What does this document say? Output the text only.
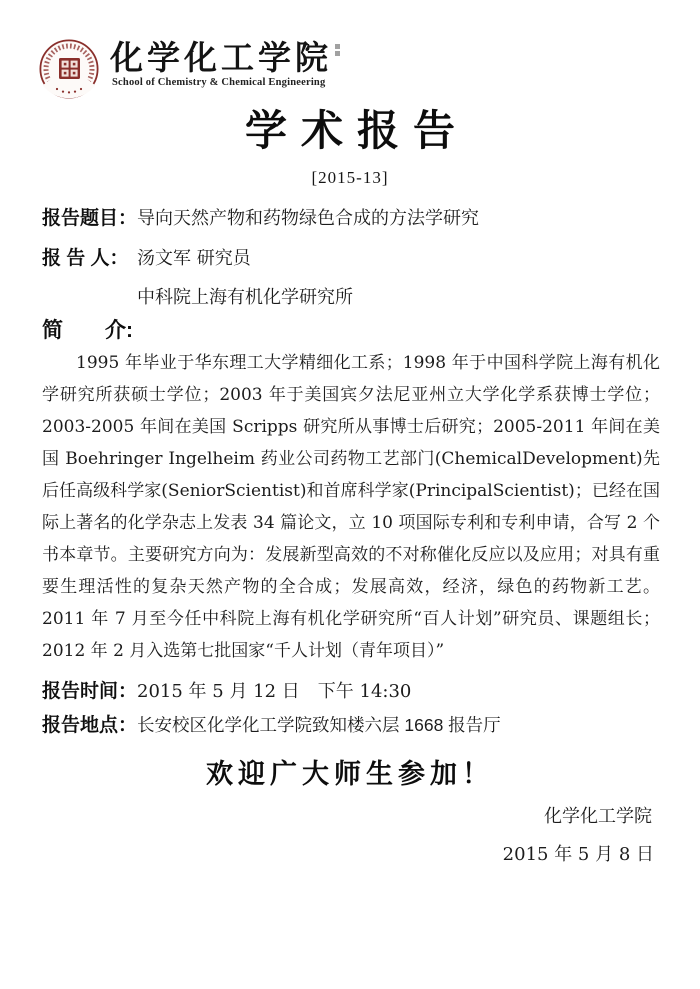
化学化工学院
School of Chemistry & Chemical Engineering
学术报告
[2015-13]
报告题目： 导向天然产物和药物绿色合成的方法学研究
报 告 人： 汤文军 研究员
中科院上海有机化学研究所
简　　介:
1995 年毕业于华东理工大学精细化工系；1998 年于中国科学院上海有机化学研究所获硕士学位；2003 年于美国宾夕法尼亚州立大学化学系获博士学位；2003-2005 年间在美国 Scripps 研究所从事博士后研究；2005-2011 年间在美国 Boehringer Ingelheim 药业公司药物工艺部门(ChemicalDevelopment)先后任高级科学家(SeniorScientist)和首席科学家(PrincipalScientist)；已经在国际上著名的化学杂志上发表 34 篇论文，立 10 项国际专利和专利申请，合写 2 个书本章节。主要研究方向为：发展新型高效的不对称催化反应以及应用；对具有重要生理活性的复杂天然产物的全合成；发展高效，经济，绿色的药物新工艺。2011 年 7 月至今任中科院上海有机化学研究所“百人计划”研究员、课题组长；2012 年 2 月入选第七批国家“千人计划（青年项目）”
报告时间： 2015 年 5 月 12 日　下午 14:30
报告地点： 长安校区化学化工学院致知楼六层 1668 报告厅
欢迎广大师生参加！
化学化工学院
2015 年 5 月 8 日
